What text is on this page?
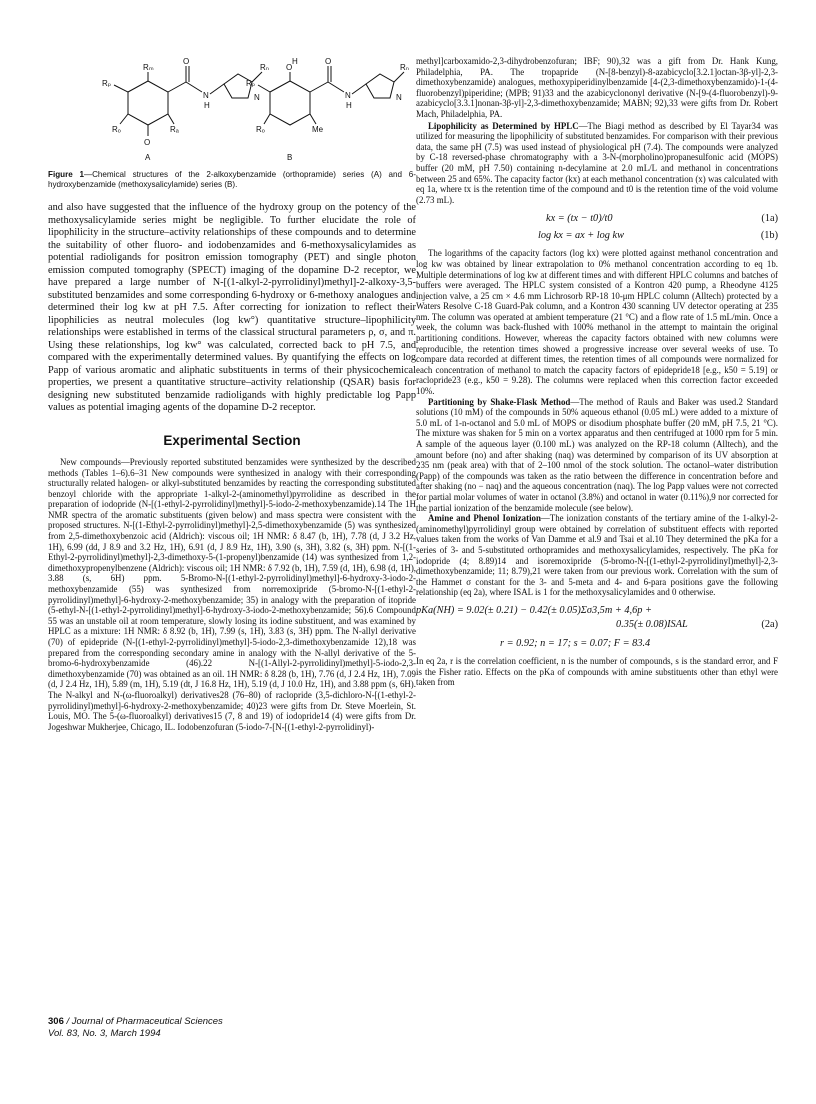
Rₘ
Rₚ
Rₒ	Rₐ
O
N
H
O
N
Rₙ
A
O
H
Rₚ
Rₒ	Me
O
N
H
N
Rₙ
B

Figure 1—Chemical structures of the 2-alkoxybenzamide (orthopramide) series (A) and 6-hydroxybenzamide (methoxysalicylamide) series (B).

and also have suggested that the influence of the hydroxy group on the potency of the methoxysalicylamide series might be negligible. To further elucidate the role of lipophilicity in the structure–activity relationships of these compounds and to determine the suitability of other fluoro- and iodobenzamides and 6-methoxysalicylamides as potential radioligands for positron emission tomography (PET) and single photon emission computed tomography (SPECT) imaging of the dopamine D-2 receptor, we have prepared a large number of N-[(1-alkyl-2-pyrrolidinyl)methyl]-2-alkoxy-3,5-substituted benzamides and some corresponding 6-hydroxy or 6-methoxy analogues and determined their log kw at pH 7.5. After correcting for ionization to reflect their lipophilicies as neutral molecules (log kw°) quantitative structure–lipophilicity relationships were established in terms of the classical structural parameters ρ, σ, and π. Using these relationships, log kw° was calculated, corrected back to pH 7.5, and compared with the experimentally determined values. By quantifying the effects on log Papp of various aromatic and aliphatic substituents in terms of their physicochemical properties, we present a quantitative structure–activity relationship (QSAR) basis for designing new substituted benzamide radioligands with highly predictable log Papp values as potential imaging agents of the dopamine D-2 receptor.

Experimental Section

New compounds—Previously reported substituted benzamides were synthesized by the described methods (Tables 1–6).6–31 New compounds were synthesized in analogy with their corresponding structurally related halogen- or alkyl-substituted benzamides by reacting the corresponding substituted benzoyl chloride with the appropriate 1-alkyl-2-(aminomethyl)pyrrolidine as described in the preparation of iodopride (N-[(1-ethyl-2-pyrrolidinyl)methyl]-5-iodo-2-methoxybenzamide).14 The 1H NMR spectra of the aromatic substituents (given below) and mass spectra were consistent with the proposed structures. N-[(1-Ethyl-2-pyrrolidinyl)methyl]-2,5-dimethoxybenzamide (5) was synthesized from 2,5-dimethoxybenzoic acid (Aldrich): viscous oil; 1H NMR: δ 8.47 (b, 1H), 7.78 (d, J 3.2 Hz, 1H), 6.99 (dd, J 8.9 and 3.2 Hz, 1H), 6.91 (d, J 8.9 Hz, 1H), 3.90 (s, 3H), 3.82 (s, 3H) ppm. N-[(1-Ethyl-2-pyrrolidinyl)methyl]-2,3-dimethoxy-5-(1-propenyl)benzamide (14) was synthesized from 1,2-dimethoxypropenylbenzene (Aldrich): viscous oil; 1H NMR: δ 7.92 (b, 1H), 7.59 (d, 1H), 6.98 (d, 1H), 3.88 (s, 6H) ppm. 5-Bromo-N-[(1-ethyl-2-pyrrolidinyl)methyl]-6-hydroxy-3-iodo-2-methoxybenzamide (55) was synthesized from norremoxipride (5-bromo-N-[(1-ethyl-2-pyrrolidinyl)methyl]-6-hydroxy-2-methoxybenzamide; 35) in analogy with the preparation of itopride (5-ethyl-N-[(1-ethyl-2-pyrrolidinyl)methyl]-6-hydroxy-3-iodo-2-methoxybenzamide; 56).6 Compound 55 was an unstable oil at room temperature, slowly losing its iodine substituent, and was examined by HPLC as a mixture: 1H NMR: δ 8.92 (b, 1H), 7.99 (s, 1H), 3.83 (s, 3H) ppm. The N-allyl derivative (70) of epidepride (N-[(1-ethyl-2-pyrrolidinyl)methyl]-5-iodo-2,3-dimethoxybenzamide 12),18 was prepared from the corresponding secondary amine in analogy with the N-allyl derivative of the 5-bromo-6-hydroxybenzamide (46).22 N-[(1-Allyl-2-pyrrolidinyl)methyl]-5-iodo-2,3-dimethoxybenzamide (70) was obtained as an oil. 1H NMR: δ 8.28 (b, 1H), 7.76 (d, J 2.4 Hz, 1H), 7.09 (d, J 2.4 Hz, 1H), 5.89 (m, 1H), 5.19 (dt, J 16.8 Hz, 1H), 5.19 (d, J 10.0 Hz, 1H), and 3.88 ppm (s, 6H). The N-alkyl and N-(ω-fluoroalkyl) derivatives28 (76–80) of raclopride (3,5-dichloro-N-[(1-ethyl-2-pyrrolidinyl)methyl]-6-hydroxy-2-methoxybenzamide; 40)23 were gifts from Dr. Steve Moerlein, St. Louis, MO. The 5-(ω-fluoroalkyl) derivatives15 (7, 8 and 19) of iodopride14 (4) were gifts from Dr. Jogeshwar Mukherjee, Chicago, IL. Iodobenzofuran (5-iodo-7-[N-[(1-ethyl-2-pyrrolidinyl)-

methyl]carboxamido-2,3-dihydrobenzofuran; IBF; 90),32 was a gift from Dr. Hank Kung, Philadelphia, PA. The tropapride (N-[8-benzyl)-8-azabicyclo[3.2.1]octan-3β-yl]-2,3-dimethoxybenzamide) analogues, methoxypiperidinylbenzamide [4-(2,3-dimethoxybenzamido)-1-(4-fluorobenzyl)piperidine; (MPB; 91)33 and the azabicyclononyl derivative (N-[9-(4-fluorobenzyl)-9-azabicyclo[3.3.1]nonan-3β-yl]-2,3-dimethoxybenzamide; MABN; 92),33 were gifts from Dr. Robert Mach, Philadelphia, PA.

Lipophilicity as Determined by HPLC—The Biagi method as described by El Tayar34 was utilized for measuring the lipophilicity of substituted benzamides. For comparison with their previous data, the same pH (7.5) was used instead of physiological pH (7.4). The compounds were analyzed by C-18 reversed-phase chromatography with a 3-N-(morpholino)propanesulfonic acid (MOPS) buffer (20 mM, pH 7.50) containing n-decylamine at 2.0 mL/L and methanol in concentrations between 25 and 65%. The capacity factor (kx) at each methanol concentration (x) was calculated with eq 1a, where tx is the retention time of the compound and t0 is the retention time of the void volume (2.73 mL).

kx = (tx − t0)/t0	(1a)
log kx = ax + log kw	(1b)

The logarithms of the capacity factors (log kx) were plotted against methanol concentration and log kw was obtained by linear extrapolation to 0% methanol concentration according to eq 1b. Multiple determinations of log kw at different times and with different HPLC columns and batches of buffers were averaged. The HPLC system consisted of a Kontron 420 pump, a Rheodyne 4125 injection valve, a 25 cm × 4.6 mm Lichrosorb RP-18 10-μm HPLC column (Alltech) protected by a Waters Resolve C-18 Guard-Pak column, and a Kontron 430 scanning UV detector operating at 235 nm. The column was operated at ambient temperature (21 °C) and a flow rate of 1.5 mL/min. Once a week, the column was back-flushed with 100% methanol in the attempt to maintain the original partitioning conditions. However, whereas the capacity factors obtained with new columns were reproducible, the retention times showed a progressive increase over several weeks of use. To compare data recorded at different times, the retention times of all compounds were normalized for each concentration of methanol to match the capacity factors of epidepride18 [e.g., k50 = 5.19] or raclopride23 (e.g., k50 = 9.28). The columns were replaced when this correction factor exceeded 10%.

Partitioning by Shake-Flask Method—The method of Rauls and Baker was used.2 Standard solutions (10 mM) of the compounds in 50% aqueous ethanol (0.05 mL) were added to a mixture of 5.0 mL of 1-n-octanol and 5.0 mL of MOPS or disodium phosphate buffer (20 mM, pH 7.5, 21 °C). The mixture was shaken for 5 min on a vortex apparatus and then centrifuged at 1000 rpm for 5 min. A sample of the aqueous layer (0.100 mL) was analyzed on the RP-18 column (Alltech), and the amount before (no) and after shaking (naq) was determined by comparison of its UV absorption at 235 nm (peak area) with that of 2–100 nmol of the stock solution. The octanol–water distribution (Papp) of the compounds was taken as the ratio between the difference in concentration before and after shaking (no − naq) and the aqueous concentration (naq). The log Papp values were not corrected for partial molar volumes of water in octanol (3.8%) and octanol in water (0.11%),9 nor corrected for the partial ionization of the benzamide molecule (see below).

Amine and Phenol Ionization—The ionization constants of the tertiary amine of the 1-alkyl-2-(aminomethyl)pyrrolidinyl group were obtained by correlation of substituent effects with reported values taken from the works of Van Damme et al.9 and Tsai et al.10 They determined the pKa for a series of 3- and 5-substituted orthopramides and methoxysalicylamides, respectively. The pKa for iodopride (4; 8.89)14 and isoremoxipride (5-bromo-N-[(1-ethyl-2-pyrrolidinyl)methyl]-2,3-dimethoxybenzamide; 11; 8.79),21 were taken from our previous work. Correlation with the sum of the Hammet σ constant for the 3- and 5-meta and 4- and 6-para positions gave the following relationship (eq 2a), where ISAL is 1 for the methoxysalicylamides and 0 otherwise.

pKa(NH) = 9.02(± 0.21) − 0.42(± 0.05)Σσ3,5m + 4,6p +
0.35(± 0.08)ISAL	(2a)
r = 0.92; n = 17; s = 0.07; F = 83.4

In eq 2a, r is the correlation coefficient, n is the number of compounds, s is the standard error, and F is the Fisher ratio. Effects on the pKa of compounds with amine substituents other than ethyl were taken from

306 / Journal of Pharmaceutical Sciences
Vol. 83, No. 3, March 1994
